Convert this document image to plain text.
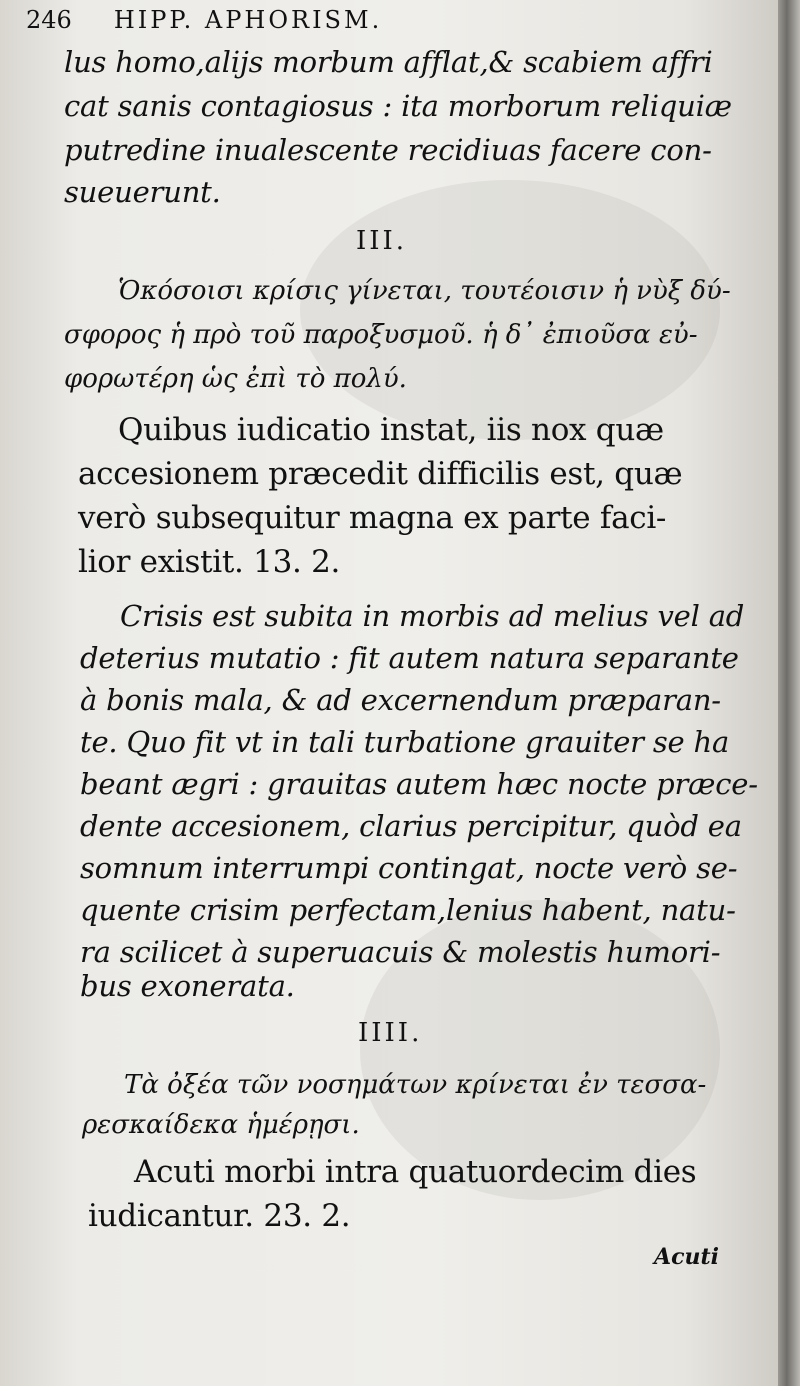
246 HIPP. APHORISM.
lus homo,alijs morbum afflat,& scabiem affri
cat sanis contagiosus : ita morborum reliquiæ
putredine inualescente recidiuas facere con-
sueuerunt.
III.
Ὁκόσοισι κρίσις γίνεται, τουτέοισιν ἡ νὺξ δύ-
σφορος ἡ πρὸ τοῦ παροξυσμοῦ. ἡ δ᾽ ἐπιοῦσα εὐ-
φορωτέρη ὡς ἐπὶ τὸ πολύ.
Quibus iudicatio instat, iis nox quæ
accesionem præcedit difficilis est, quæ
verò subsequitur magna ex parte faci-
lior existit. 13. 2.
Crisis est subita in morbis ad melius vel ad
deterius mutatio : fit autem natura separante
à bonis mala, & ad excernendum præparan-
te. Quo fit vt in tali turbatione grauiter se ha
beant ægri : grauitas autem hæc nocte præce-
dente accesionem, clarius percipitur, quòd ea
somnum interrumpi contingat, nocte verò se-
quente crisim perfectam,lenius habent, natu-
ra scilicet à superuacuis & molestis humori-
bus exonerata.
IIII.
Τὰ ὀξέα τῶν νοσημάτων κρίνεται ἐν τεσσα-
ρεσκαίδεκα ἡμέρῃσι.
Acuti morbi intra quatuordecim dies
iudicantur. 23. 2.
Acuti
